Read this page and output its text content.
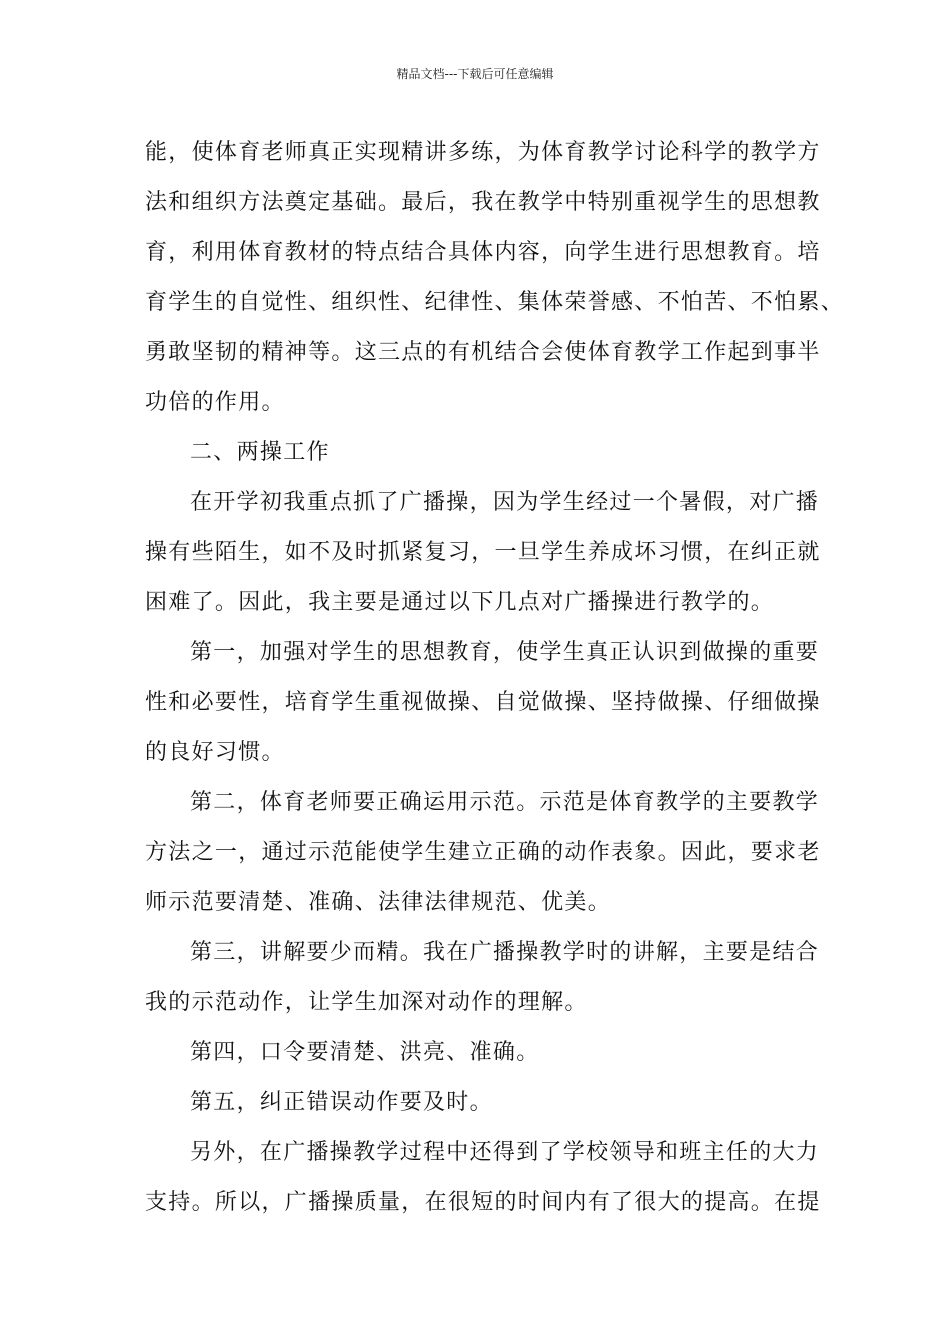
精品文档---下载后可任意编辑
能，使体育老师真正实现精讲多练，为体育教学讨论科学的教学方
法和组织方法奠定基础。最后，我在教学中特别重视学生的思想教
育，利用体育教材的特点结合具体内容，向学生进行思想教育。培
育学生的自觉性、组织性、纪律性、集体荣誉感、不怕苦、不怕累、
勇敢坚韧的精神等。这三点的有机结合会使体育教学工作起到事半
功倍的作用。
二、两操工作
在开学初我重点抓了广播操，因为学生经过一个暑假，对广播
操有些陌生，如不及时抓紧复习，一旦学生养成坏习惯，在纠正就
困难了。因此，我主要是通过以下几点对广播操进行教学的。
第一，加强对学生的思想教育，使学生真正认识到做操的重要
性和必要性，培育学生重视做操、自觉做操、坚持做操、仔细做操
的良好习惯。
第二，体育老师要正确运用示范。示范是体育教学的主要教学
方法之一，通过示范能使学生建立正确的动作表象。因此，要求老
师示范要清楚、准确、法律法律规范、优美。
第三，讲解要少而精。我在广播操教学时的讲解，主要是结合
我的示范动作，让学生加深对动作的理解。
第四，口令要清楚、洪亮、准确。
第五，纠正错误动作要及时。
另外，在广播操教学过程中还得到了学校领导和班主任的大力
支持。所以，广播操质量，在很短的时间内有了很大的提高。在提
